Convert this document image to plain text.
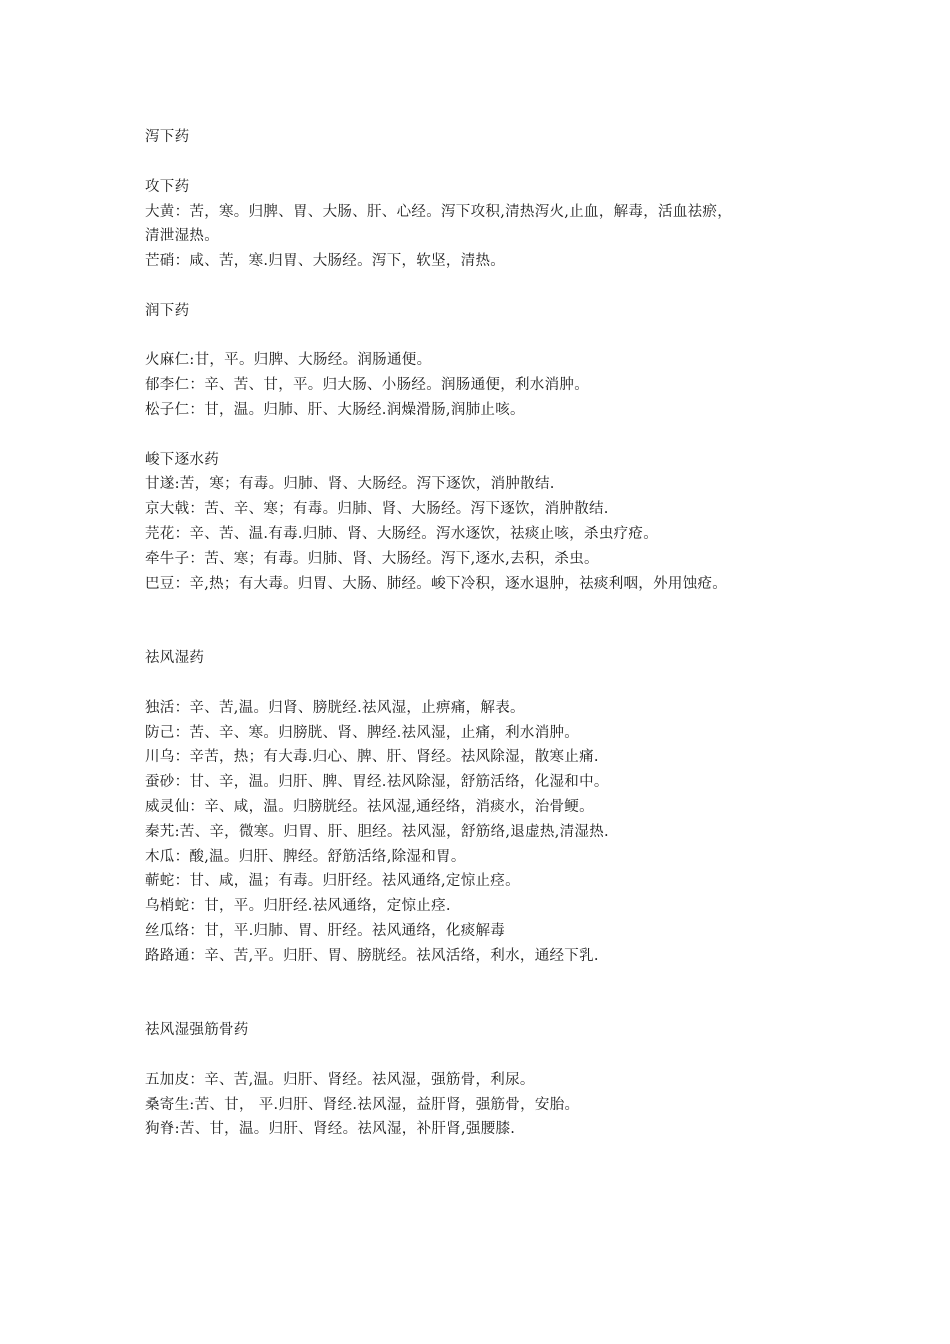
泻下药
攻下药
大黄：苦，寒。归脾、胃、大肠、肝、心经。泻下攻积,清热泻火,止血，解毒，活血祛瘀，
清泄湿热。
芒硝：咸、苦，寒.归胃、大肠经。泻下，软坚，清热。
润下药
火麻仁:甘，平。归脾、大肠经。润肠通便。
郁李仁：辛、苦、甘，平。归大肠、小肠经。润肠通便，利水消肿。
松子仁：甘，温。归肺、肝、大肠经.润燥滑肠,润肺止咳。
峻下逐水药
甘遂:苦，寒；有毒。归肺、肾、大肠经。泻下逐饮，消肿散结.
京大戟：苦、辛、寒；有毒。归肺、肾、大肠经。泻下逐饮，消肿散结.
芫花：辛、苦、温.有毒.归肺、肾、大肠经。泻水逐饮，祛痰止咳，杀虫疗疮。
牵牛子：苦、寒；有毒。归肺、肾、大肠经。泻下,逐水,去积，杀虫。
巴豆：辛,热；有大毒。归胃、大肠、肺经。峻下冷积，逐水退肿，祛痰利咽，外用蚀疮。
祛风湿药
独活：辛、苦,温。归肾、膀胱经.祛风湿，止痹痛，解表。
防己：苦、辛、寒。归膀胱、肾、脾经.祛风湿，止痛，利水消肿。
川乌：辛苦，热；有大毒.归心、脾、肝、肾经。祛风除湿，散寒止痛.
蚕砂：甘、辛，温。归肝、脾、胃经.祛风除湿，舒筋活络，化湿和中。
威灵仙：辛、咸，温。归膀胱经。祛风湿,通经络，消痰水，治骨鲠。
秦艽:苦、辛，微寒。归胃、肝、胆经。祛风湿，舒筋络,退虚热,清湿热.
木瓜：酸,温。归肝、脾经。舒筋活络,除湿和胃。
蕲蛇：甘、咸，温；有毒。归肝经。祛风通络,定惊止痉。
乌梢蛇：甘，平。归肝经.祛风通络，定惊止痉.
丝瓜络：甘，平.归肺、胃、肝经。祛风通络，化痰解毒
路路通：辛、苦,平。归肝、胃、膀胱经。祛风活络，利水，通经下乳.
祛风湿强筋骨药
五加皮：辛、苦,温。归肝、肾经。祛风湿，强筋骨，利尿。
桑寄生:苦、甘， 平.归肝、肾经.祛风湿，益肝肾，强筋骨，安胎。
狗脊:苦、甘，温。归肝、肾经。祛风湿，补肝肾,强腰膝.
